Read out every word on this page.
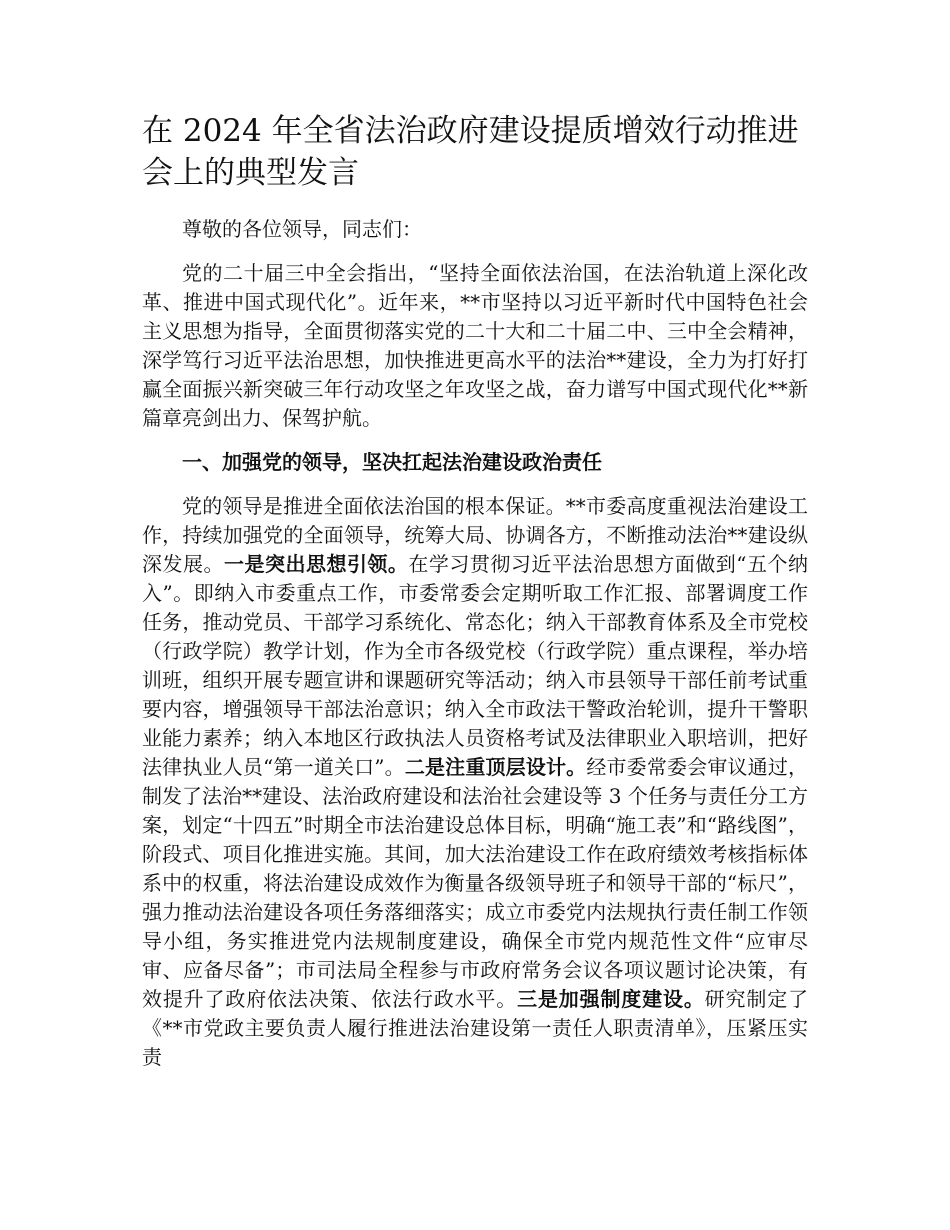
在 2024 年全省法治政府建设提质增效行动推进会上的典型发言

尊敬的各位领导，同志们：

党的二十届三中全会指出，“坚持全面依法治国，在法治轨道上深化改革、推进中国式现代化”。近年来，**市坚持以习近平新时代中国特色社会主义思想为指导，全面贯彻落实党的二十大和二十届二中、三中全会精神，深学笃行习近平法治思想，加快推进更高水平的法治**建设，全力为打好打赢全面振兴新突破三年行动攻坚之年攻坚之战，奋力谱写中国式现代化**新篇章亮剑出力、保驾护航。

一、加强党的领导，坚决扛起法治建设政治责任

党的领导是推进全面依法治国的根本保证。**市委高度重视法治建设工作，持续加强党的全面领导，统筹大局、协调各方，不断推动法治**建设纵深发展。一是突出思想引领。在学习贯彻习近平法治思想方面做到“五个纳入”。即纳入市委重点工作，市委常委会定期听取工作汇报、部署调度工作任务，推动党员、干部学习系统化、常态化；纳入干部教育体系及全市党校（行政学院）教学计划，作为全市各级党校（行政学院）重点课程，举办培训班，组织开展专题宣讲和课题研究等活动；纳入市县领导干部任前考试重要内容，增强领导干部法治意识；纳入全市政法干警政治轮训，提升干警职业能力素养；纳入本地区行政执法人员资格考试及法律职业入职培训，把好法律执业人员“第一道关口”。二是注重顶层设计。经市委常委会审议通过，制发了法治**建设、法治政府建设和法治社会建设等 3 个任务与责任分工方案，划定“十四五”时期全市法治建设总体目标，明确“施工表”和“路线图”，阶段式、项目化推进实施。其间，加大法治建设工作在政府绩效考核指标体系中的权重，将法治建设成效作为衡量各级领导班子和领导干部的“标尺”，强力推动法治建设各项任务落细落实；成立市委党内法规执行责任制工作领导小组，务实推进党内法规制度建设，确保全市党内规范性文件“应审尽审、应备尽备”；市司法局全程参与市政府常务会议各项议题讨论决策，有效提升了政府依法决策、依法行政水平。三是加强制度建设。研究制定了《**市党政主要负责人履行推进法治建设第一责任人职责清单》，压紧压实责
